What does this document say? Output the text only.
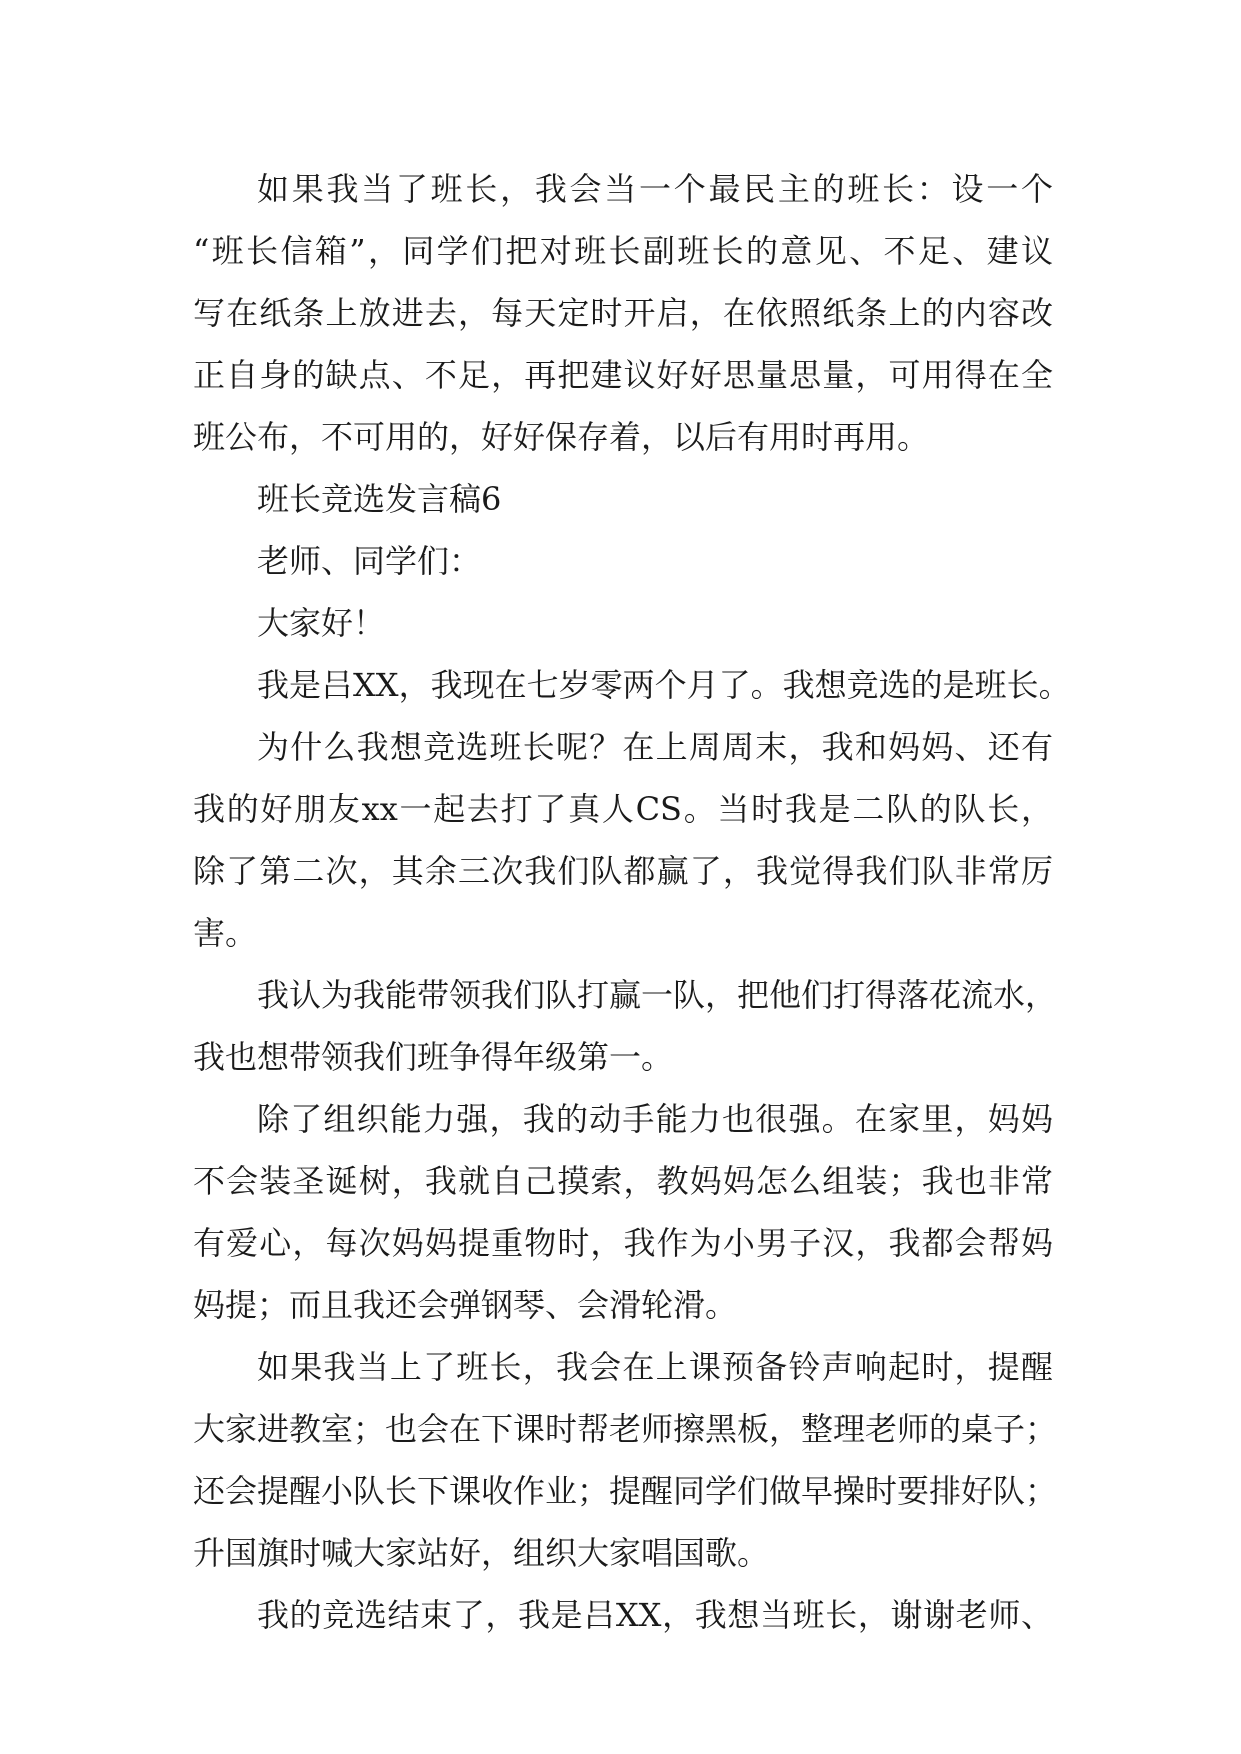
如果我当了班长，我会当一个最民主的班长：设一个
“班长信箱”，同学们把对班长副班长的意见、不足、建议
写在纸条上放进去，每天定时开启，在依照纸条上的内容改
正自身的缺点、不足，再把建议好好思量思量，可用得在全
班公布，不可用的，好好保存着，以后有用时再用。
班长竞选发言稿6
老师、同学们：
大家好！
我是吕XX，我现在七岁零两个月了。我想竞选的是班长。
为什么我想竞选班长呢？在上周周末，我和妈妈、还有
我的好朋友xx一起去打了真人CS。当时我是二队的队长，
除了第二次，其余三次我们队都赢了，我觉得我们队非常厉
害。
我认为我能带领我们队打赢一队，把他们打得落花流水，
我也想带领我们班争得年级第一。
除了组织能力强，我的动手能力也很强。在家里，妈妈
不会装圣诞树，我就自己摸索，教妈妈怎么组装；我也非常
有爱心，每次妈妈提重物时，我作为小男子汉，我都会帮妈
妈提；而且我还会弹钢琴、会滑轮滑。
如果我当上了班长，我会在上课预备铃声响起时，提醒
大家进教室；也会在下课时帮老师擦黑板，整理老师的桌子；
还会提醒小队长下课收作业；提醒同学们做早操时要排好队；
升国旗时喊大家站好，组织大家唱国歌。
我的竞选结束了，我是吕XX，我想当班长，谢谢老师、
